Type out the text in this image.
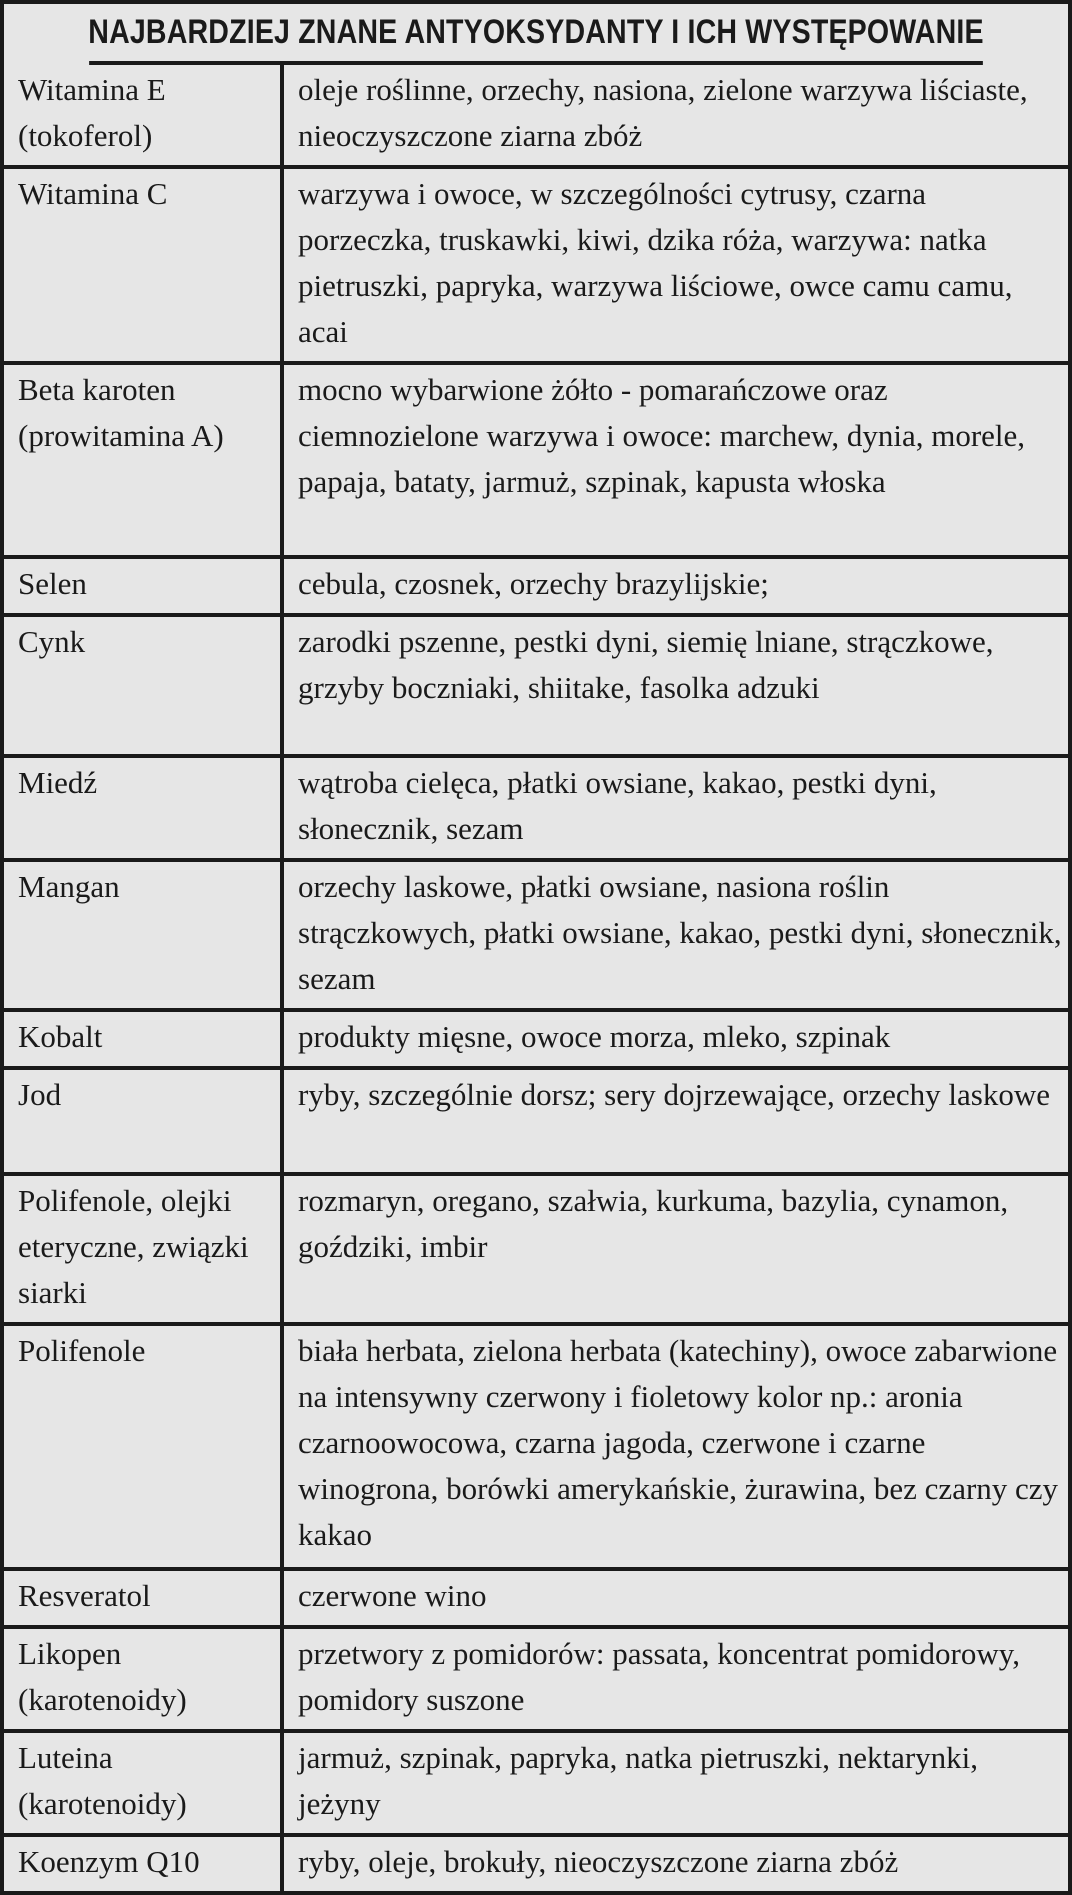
NAJBARDZIEJ ZNANE ANTYOKSYDANTY I ICH WYSTĘPOWANIE
Witamina E (tokoferol)	oleje roślinne, orzechy, nasiona, zielone warzywa liściaste, nieoczyszczone ziarna zbóż
Witamina C	warzywa i owoce, w szczególności cytrusy, czarna porzeczka, truskawki, kiwi, dzika róża, warzywa: natka pietruszki, papryka, warzywa liściowe, owce camu camu, acai
Beta karoten (prowitamina A)	mocno wybarwione żółto - pomarańczowe oraz ciemnozielone warzywa i owoce: marchew, dynia, morele, papaja, bataty, jarmuż, szpinak, kapusta włoska
Selen	cebula, czosnek, orzechy brazylijskie;
Cynk	zarodki pszenne, pestki dyni, siemię lniane, strączkowe, grzyby boczniaki, shiitake, fasolka adzuki
Miedź	wątroba cielęca, płatki owsiane, kakao, pestki dyni, słonecznik, sezam
Mangan	orzechy laskowe, płatki owsiane, nasiona roślin strączkowych, płatki owsiane, kakao, pestki dyni, słonecznik, sezam
Kobalt	produkty mięsne, owoce morza, mleko, szpinak
Jod	ryby, szczególnie dorsz; sery dojrzewające, orzechy laskowe
Polifenole, olejki eteryczne, związki siarki	rozmaryn, oregano, szałwia, kurkuma, bazylia, cynamon, goździki, imbir
Polifenole	biała herbata, zielona herbata (katechiny), owoce zabarwione na intensywny czerwony i fioletowy kolor np.: aronia czarnoowocowa, czarna jagoda, czerwone i czarne winogrona, borówki amerykańskie, żurawina, bez czarny czy kakao
Resveratol	czerwone wino
Likopen (karotenoidy)	przetwory z pomidorów: passata, koncentrat pomidorowy, pomidory suszone
Luteina (karotenoidy)	jarmuż, szpinak, papryka, natka pietruszki, nektarynki, jeżyny
Koenzym Q10	ryby, oleje, brokuły, nieoczyszczone ziarna zbóż
